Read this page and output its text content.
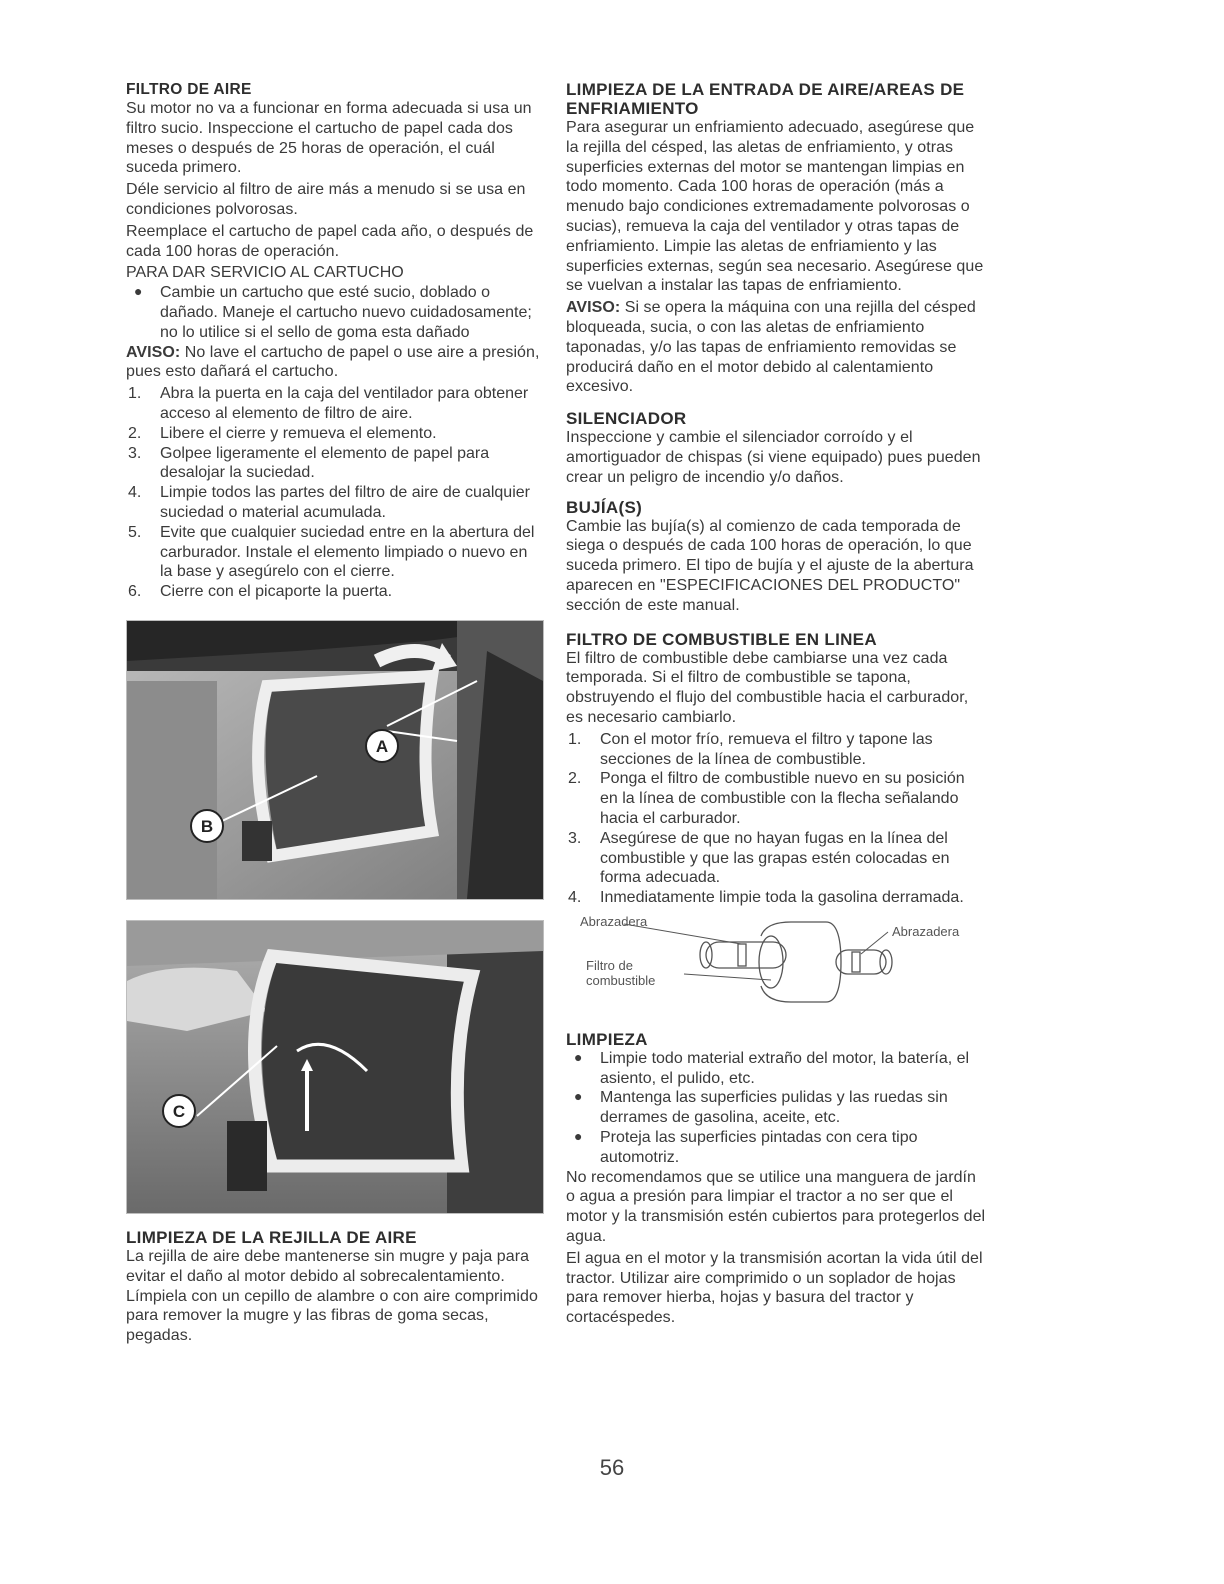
FILTRO DE AIRE

Su motor no va a funcionar en forma adecuada si usa un filtro sucio. Inspeccione el cartucho de papel cada dos meses o después de 25 horas de operación, el cuál suceda primero.

Déle servicio al filtro de aire más a menudo si se usa en condiciones polvorosas.

Reemplace el cartucho de papel cada año, o después de cada 100 horas de operación.

PARA DAR SERVICIO AL CARTUCHO

● Cambie un cartucho que esté sucio, doblado o dañado. Maneje el cartucho nuevo cuidadosamente; no lo utilice si el sello de goma esta dañado

AVISO: No lave el cartucho de papel o use aire a presión, pues esto dañará el cartucho.

1. Abra la puerta en la caja del ventilador para obtener acceso al elemento de filtro de aire.
2. Libere el cierre y remueva el elemento.
3. Golpee ligeramente el elemento de papel para desalojar la suciedad.
4. Limpie todos las partes del filtro de aire de cualquier suciedad o material acumulada.
5. Evite que cualquier suciedad entre en la abertura del carburador. Instale el elemento limpiado o nuevo en la base y asegúrelo con el cierre.
6. Cierre con el picaporte la puerta.
A
B
C

LIMPIEZA DE LA REJILLA DE AIRE

La rejilla de aire debe mantenerse sin mugre y paja para evitar el daño al motor debido al sobrecalentamiento. Límpiela con un cepillo de alambre o con aire comprimido para remover la mugre y las fibras de goma secas, pegadas.

LIMPIEZA DE LA ENTRADA DE AIRE/AREAS DE ENFRIAMIENTO

Para asegurar un enfriamiento adecuado, asegúrese que la rejilla del césped, las aletas de enfriamiento, y otras superficies externas del motor se mantengan limpias en todo momento. Cada 100 horas de operación (más a menudo bajo condiciones extremadamente polvorosas o sucias), remueva la caja del ventilador y otras tapas de enfriamiento. Limpie las aletas de enfriamiento y las superficies externas, según sea necesario. Asegúrese que se vuelvan a instalar las tapas de enfriamiento.

AVISO: Si se opera la máquina con una rejilla del césped bloqueada, sucia, o con las aletas de enfriamiento taponadas, y/o las tapas de enfriamiento removidas se producirá daño en el motor debido al calentamiento excesivo.

SILENCIADOR

Inspeccione y cambie el silenciador corroído y el amortiguador de chispas (si viene equipado) pues pueden crear un peligro de incendio y/o daños.

BUJÍA(S)

Cambie las bujía(s) al comienzo de cada temporada de siega o después de cada 100 horas de operación, lo que suceda primero. El tipo de bujía y el ajuste de la abertura aparecen en "ESPECIFICACIONES DEL PRODUCTO" sección de este manual.

FILTRO DE COMBUSTIBLE EN LINEA

El filtro de combustible debe cambiarse una vez cada temporada. Si el filtro de combustible se tapona, obstruyendo el flujo del combustible hacia el carburador, es necesario cambiarlo.

1. Con el motor frío, remueva el filtro y tapone las secciones de la línea de combustible.
2. Ponga el filtro de combustible nuevo en su posición en la línea de combustible con la flecha señalando hacia el carburador.
3. Asegúrese de que no hayan fugas en la línea del combustible y que las grapas estén colocadas en forma adecuada.
4. Inmediatamente limpie toda la gasolina derramada.
Abrazadera
Abrazadera
Filtro de combustible

LIMPIEZA

● Limpie todo material extraño del motor, la batería, el asiento, el pulido, etc.
● Mantenga las superficies pulidas y las ruedas sin derrames de gasolina, aceite, etc.
● Proteja las superficies pintadas con cera tipo automotriz.

No recomendamos que se utilice una manguera de jardín o agua a presión para limpiar el tractor a no ser que el motor y la transmisión estén cubiertos para protegerlos del agua.

El agua en el motor y la transmisión acortan la vida útil del tractor. Utilizar aire comprimido o un soplador de hojas para remover hierba, hojas y basura del tractor y cortacéspedes.

56
